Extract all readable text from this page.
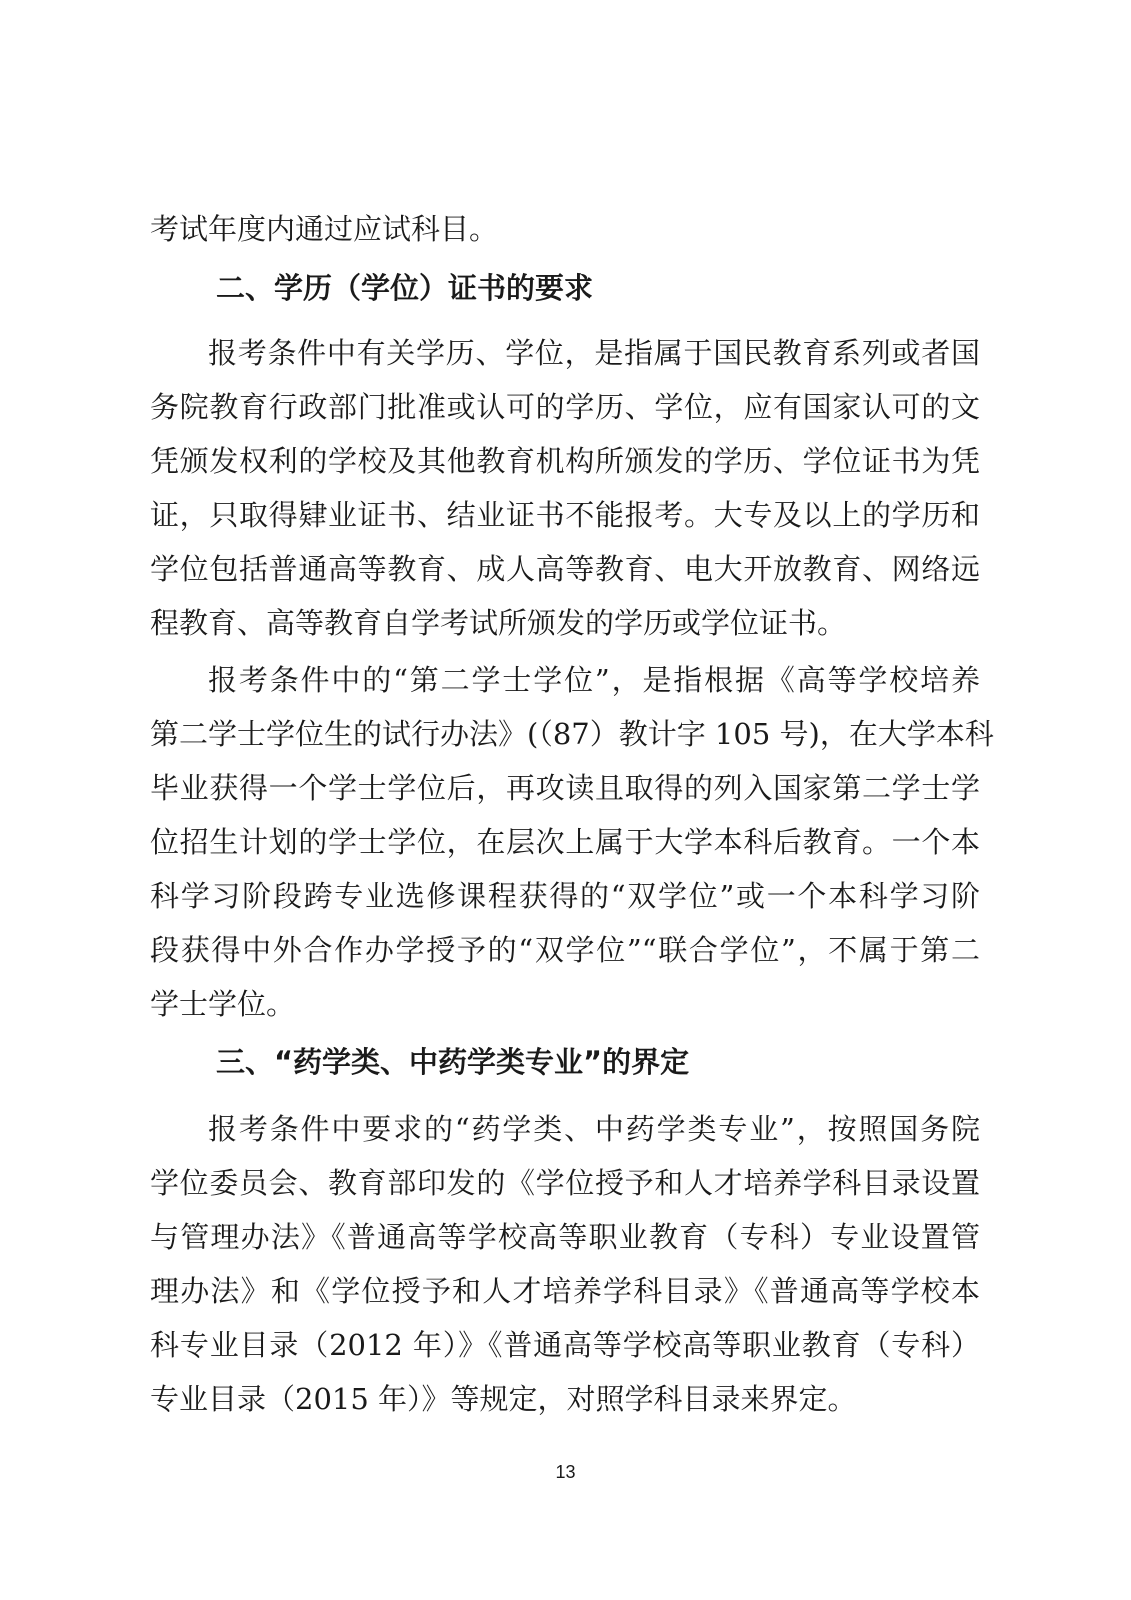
考试年度内通过应试科目。
二、学历（学位）证书的要求
报考条件中有关学历、学位，是指属于国民教育系列或者国
务院教育行政部门批准或认可的学历、学位，应有国家认可的文
凭颁发权利的学校及其他教育机构所颁发的学历、学位证书为凭
证，只取得肄业证书、结业证书不能报考。大专及以上的学历和
学位包括普通高等教育、成人高等教育、电大开放教育、网络远
程教育、高等教育自学考试所颁发的学历或学位证书。
报考条件中的“第二学士学位”，是指根据《高等学校培养
第二学士学位生的试行办法》(（87）教计字 105 号)，在大学本科
毕业获得一个学士学位后，再攻读且取得的列入国家第二学士学
位招生计划的学士学位，在层次上属于大学本科后教育。一个本
科学习阶段跨专业选修课程获得的“双学位”或一个本科学习阶
段获得中外合作办学授予的“双学位”“联合学位”，不属于第二
学士学位。
三、“药学类、中药学类专业”的界定
报考条件中要求的“药学类、中药学类专业”，按照国务院
学位委员会、教育部印发的《学位授予和人才培养学科目录设置
与管理办法》《普通高等学校高等职业教育（专科）专业设置管
理办法》和《学位授予和人才培养学科目录》《普通高等学校本
科专业目录（2012 年）》《普通高等学校高等职业教育（专科）
专业目录（2015 年）》等规定，对照学科目录来界定。
13
